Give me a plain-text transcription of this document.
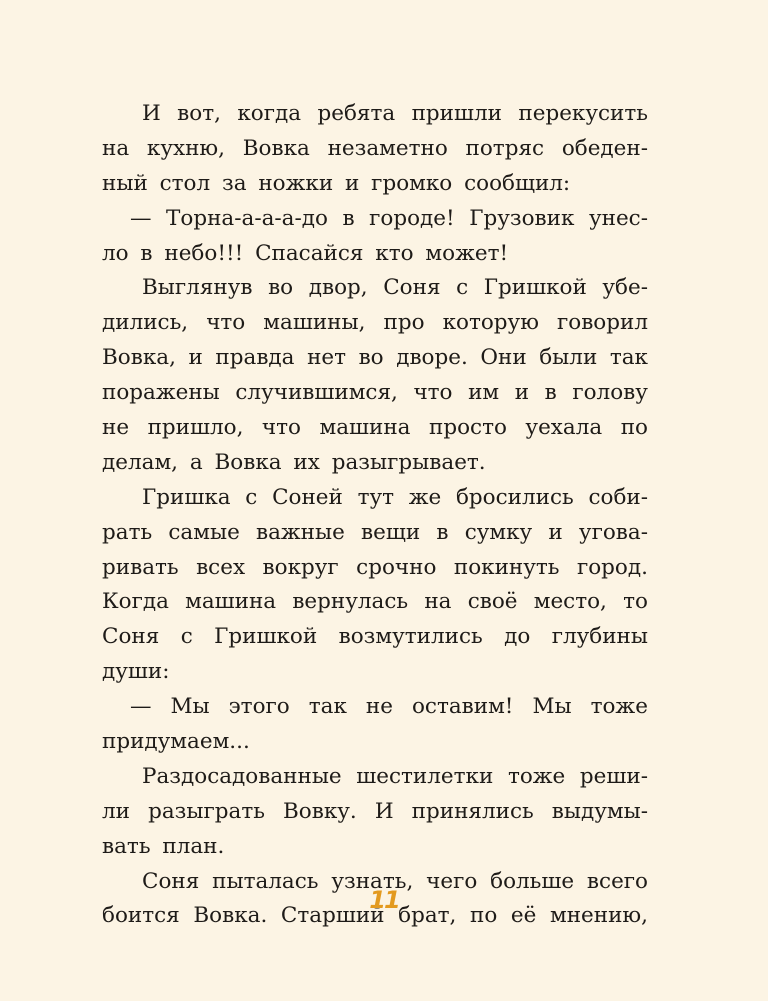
И вот, когда ребята пришли перекусить
на кухню, Вовка незаметно потряс обеден-
ный стол за ножки и громко сообщил:
— Торна-а-а-а-до в городе! Грузовик унес-
ло в небо!!! Спасайся кто может!
Выглянув во двор, Соня с Гришкой убе-
дились, что машины, про которую говорил
Вовка, и правда нет во дворе. Они были так
поражены случившимся, что им и в голову
не пришло, что машина просто уехала по
делам, а Вовка их разыгрывает.
Гришка с Соней тут же бросились соби-
рать самые важные вещи в сумку и угова-
ривать всех вокруг срочно покинуть город.
Когда машина вернулась на своё место, то
Соня с Гришкой возмутились до глубины
души:
— Мы этого так не оставим! Мы тоже
придумаем...
Раздосадованные шестилетки тоже реши-
ли разыграть Вовку. И принялись выдумы-
вать план.
Соня пыталась узнать, чего больше всего
боится Вовка. Старший брат, по её мнению,
11
